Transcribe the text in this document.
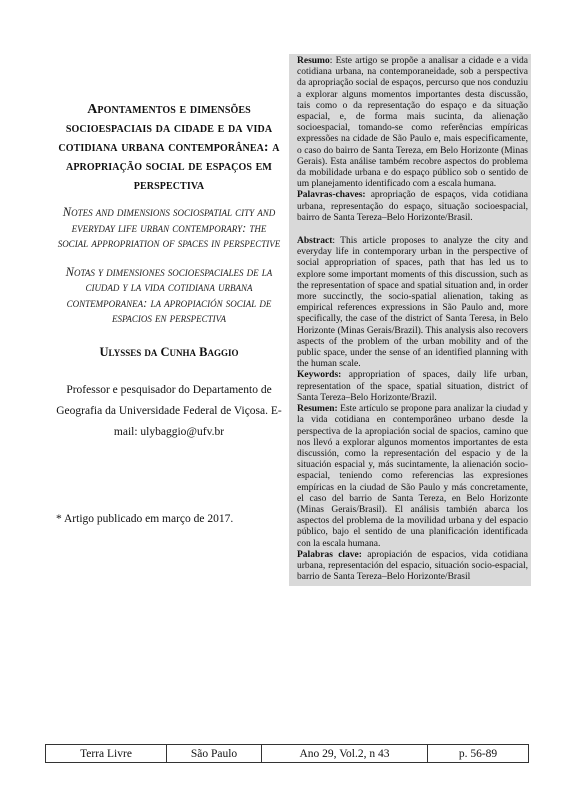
Apontamentos e dimensões socioespaciais da cidade e da vida cotidiana urbana contemporânea: a apropriação social de espaços em perspectiva

Notes and dimensions sociospatial city and everyday life urban contemporary: the social appropriation of spaces in perspective

Notas y dimensiones socioespaciales de la ciudad y la vida cotidiana urbana contemporanea: la apropiación social de espacios en perspectiva

Ulysses da Cunha Baggio

Professor e pesquisador do Departamento de Geografia da Universidade Federal de Viçosa. E-mail: ulybaggio@ufv.br

* Artigo publicado em março de 2017.

Resumo: Este artigo se propõe a analisar a cidade e a vida cotidiana urbana, na contemporaneidade, sob a perspectiva da apropriação social de espaços, percurso que nos conduziu a explorar alguns momentos importantes desta discussão, tais como o da representação do espaço e da situação espacial, e, de forma mais sucinta, da alienação socioespacial, tomando-se como referências empíricas expressões na cidade de São Paulo e, mais especificamente, o caso do bairro de Santa Tereza, em Belo Horizonte (Minas Gerais). Esta análise também recobre aspectos do problema da mobilidade urbana e do espaço público sob o sentido de um planejamento identificado com a escala humana.

Palavras-chaves: apropriação de espaços, vida cotidiana urbana, representação do espaço, situação socioespacial, bairro de Santa Tereza–Belo Horizonte/Brasil.

Abstract: This article proposes to analyze the city and everyday life in contemporary urban in the perspective of social appropriation of spaces, path that has led us to explore some important moments of this discussion, such as the representation of space and spatial situation and, in order more succinctly, the socio-spatial alienation, taking as empirical references expressions in São Paulo and, more specifically, the case of the district of Santa Teresa, in Belo Horizonte (Minas Gerais/Brazil). This analysis also recovers aspects of the problem of the urban mobility and of the public space, under the sense of an identified planning with the human scale.

Keywords: appropriation of spaces, daily life urban, representation of the space, spatial situation, district of Santa Tereza–Belo Horizonte/Brazil.

Resumen: Este artículo se propone para analizar la ciudad y la vida cotidiana en contemporâneo urbano desde la perspectiva de la apropiación social de spacios, camino que nos llevó a explorar algunos momentos importantes de esta discussión, como la representación del espacio y de la situación espacial y, más sucintamente, la alienación socio-espacial, teniendo como referencias las expresiones empíricas en la ciudad de São Paulo y más concretamente, el caso del barrio de Santa Tereza, en Belo Horizonte (Minas Gerais/Brasil). El análisis también abarca los aspectos del problema de la movilidad urbana y del espacio público, bajo el sentido de una planificación identificada con la escala humana.

Palabras clave: apropiación de espacios, vida cotidiana urbana, representación del espacio, situación socio-espacial, barrio de Santa Tereza–Belo Horizonte/Brasil

Terra Livre	São Paulo	Ano 29, Vol.2, n 43	p. 56-89
